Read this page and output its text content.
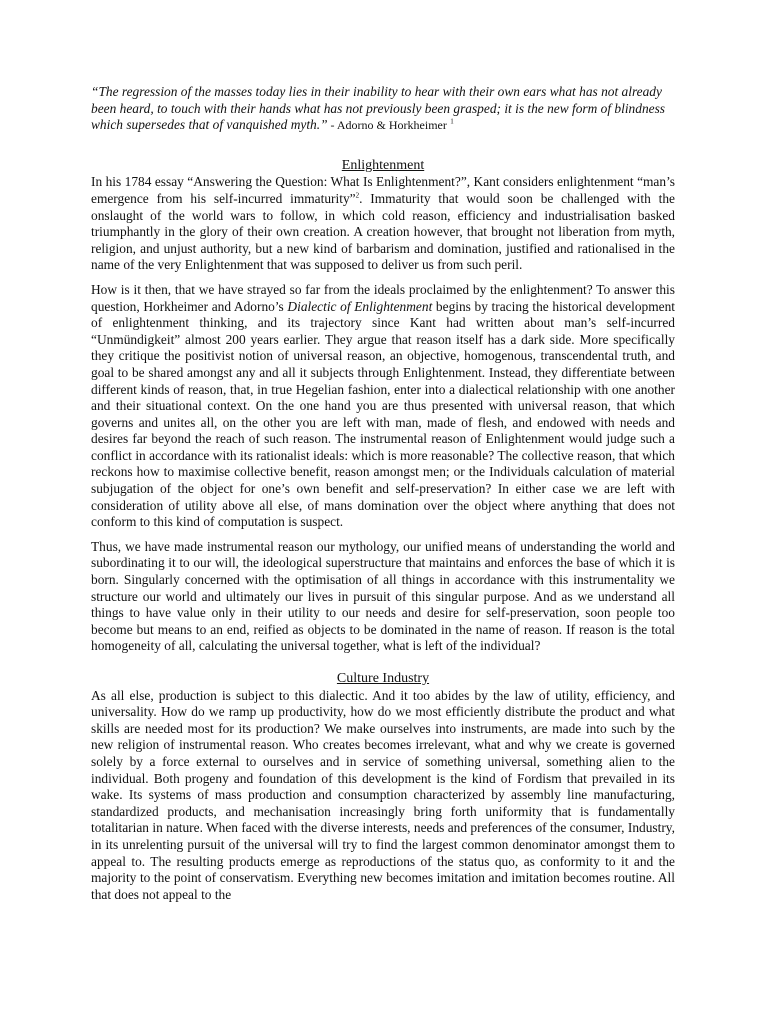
“The regression of the masses today lies in their inability to hear with their own ears what has not already been heard, to touch with their hands what has not previously been grasped; it is the new form of blindness which supersedes that of vanquished myth.” - Adorno & Horkheimer $^1$
Enlightenment

In his 1784 essay “Answering the Question: What Is Enlightenment?”, Kant considers enlightenment “man’s emergence from his self-incurred immaturity”$^2$. Immaturity that would soon be challenged with the onslaught of the world wars to follow, in which cold reason, efficiency and industrialisation basked triumphantly in the glory of their own creation. A creation however, that brought not liberation from myth, religion, and unjust authority, but a new kind of barbarism and domination, justified and rationalised in the name of the very Enlightenment that was supposed to deliver us from such peril.

How is it then, that we have strayed so far from the ideals proclaimed by the enlightenment? To answer this question, Horkheimer and Adorno’s Dialectic of Enlightenment begins by tracing the historical development of enlightenment thinking, and its trajectory since Kant had written about man’s self-incurred “Unmündigkeit” almost 200 years earlier. They argue that reason itself has a dark side. More specifically they critique the positivist notion of universal reason, an objective, homogenous, transcendental truth, and goal to be shared amongst any and all it subjects through Enlightenment. Instead, they differentiate between different kinds of reason, that, in true Hegelian fashion, enter into a dialectical relationship with one another and their situational context. On the one hand you are thus presented with universal reason, that which governs and unites all, on the other you are left with man, made of flesh, and endowed with needs and desires far beyond the reach of such reason. The instrumental reason of Enlightenment would judge such a conflict in accordance with its rationalist ideals: which is more reasonable? The collective reason, that which reckons how to maximise collective benefit, reason amongst men; or the Individuals calculation of material subjugation of the object for one’s own benefit and self-preservation? In either case we are left with consideration of utility above all else, of mans domination over the object where anything that does not conform to this kind of computation is suspect.

Thus, we have made instrumental reason our mythology, our unified means of understanding the world and subordinating it to our will, the ideological superstructure that maintains and enforces the base of which it is born. Singularly concerned with the optimisation of all things in accordance with this instrumentality we structure our world and ultimately our lives in pursuit of this singular purpose. And as we understand all things to have value only in their utility to our needs and desire for self-preservation, soon people too become but means to an end, reified as objects to be dominated in the name of reason. If reason is the total homogeneity of all, calculating the universal together, what is left of the individual?

Culture Industry

As all else, production is subject to this dialectic. And it too abides by the law of utility, efficiency, and universality. How do we ramp up productivity, how do we most efficiently distribute the product and what skills are needed most for its production? We make ourselves into instruments, are made into such by the new religion of instrumental reason. Who creates becomes irrelevant, what and why we create is governed solely by a force external to ourselves and in service of something universal, something alien to the individual. Both progeny and foundation of this development is the kind of Fordism that prevailed in its wake. Its systems of mass production and consumption characterized by assembly line manufacturing, standardized products, and mechanisation increasingly bring forth uniformity that is fundamentally totalitarian in nature. When faced with the diverse interests, needs and preferences of the consumer, Industry, in its unrelenting pursuit of the universal will try to find the largest common denominator amongst them to appeal to. The resulting products emerge as reproductions of the status quo, as conformity to it and the majority to the point of conservatism. Everything new becomes imitation and imitation becomes routine. All that does not appeal to the
